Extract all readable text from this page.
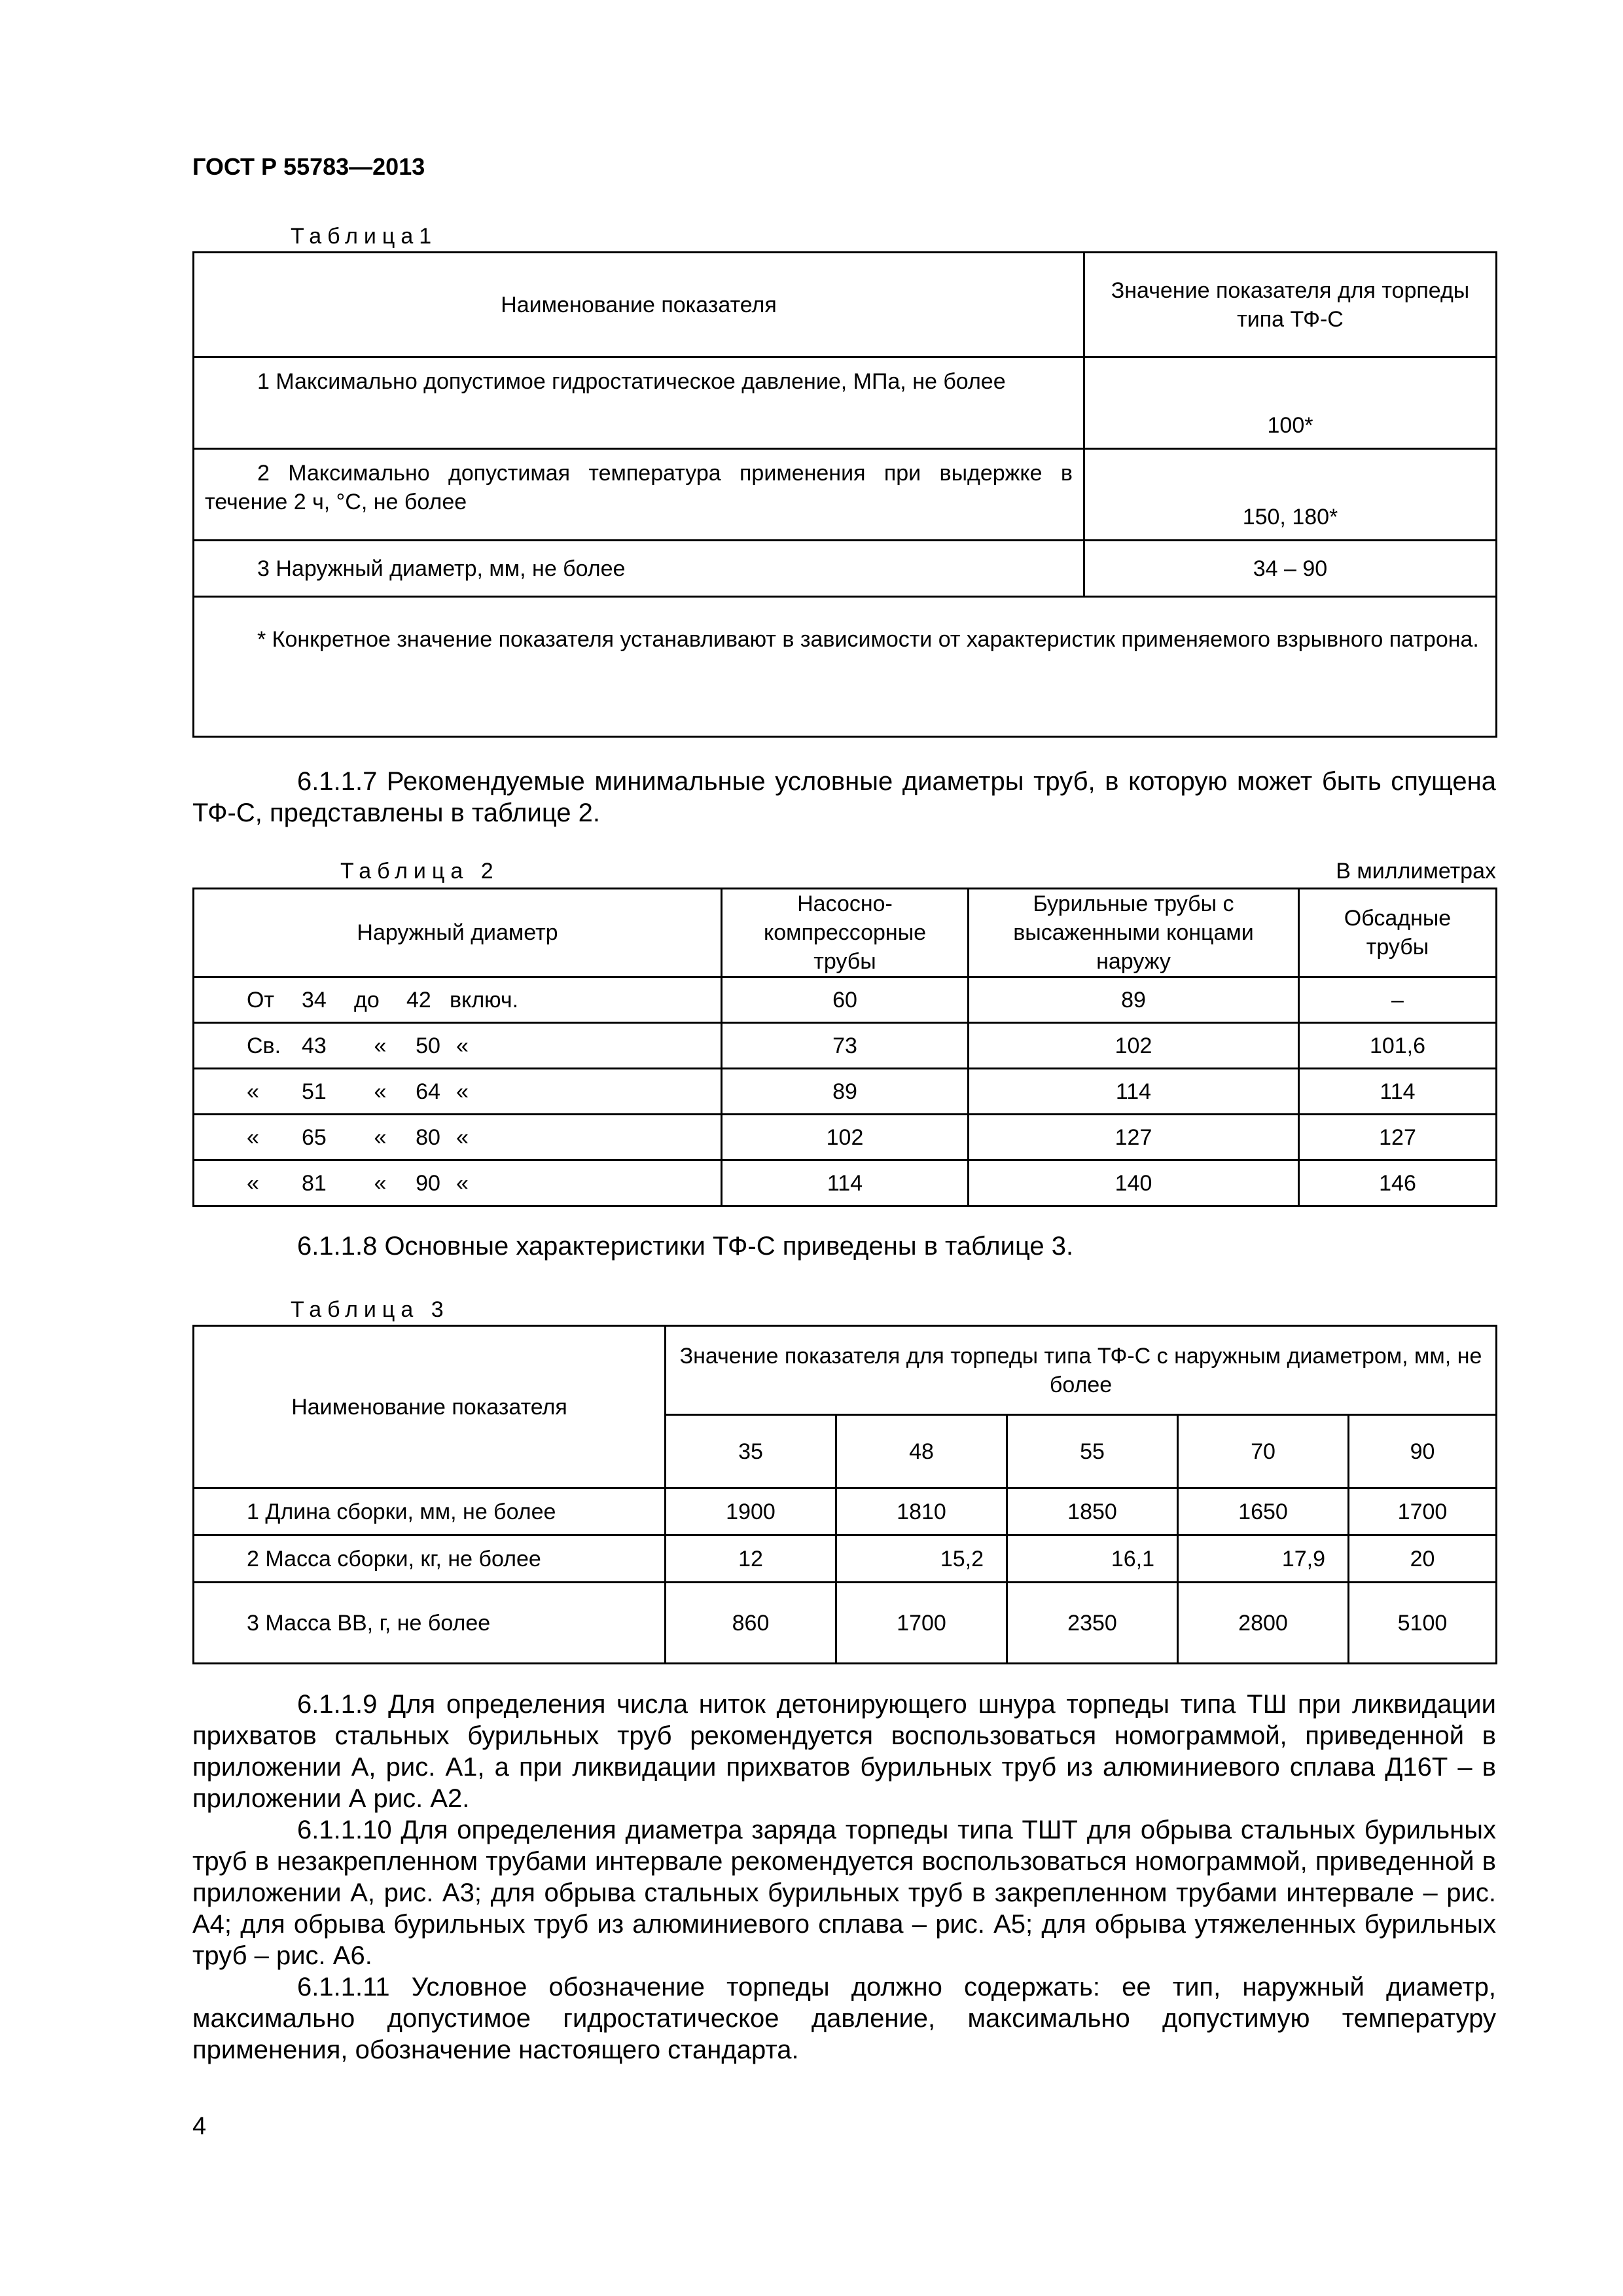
ГОСТ Р 55783—2013
Таблица1
Наименование показателя	Значение показателя для торпеды типа ТФ-С
1 Максимально допустимое гидростатическое давление, МПа, не более	100*
2 Максимально допустимая температура применения при выдержке в течение 2 ч, °С, не более	150, 180*
3 Наружный диаметр, мм, не более	34 – 90
* Конкретное значение показателя устанавливают в зависимости от характеристик применяемого взрывного патрона.	

6.1.1.7 Рекомендуемые минимальные условные диаметры труб, в которую может быть спущена ТФ-С, представлены в таблице 2.

Таблица 2	В миллиметрах
Наружный диаметр	Насосно-компрессорные трубы	Бурильные трубы с высаженными концами наружу	Обсадные трубы
От 34 до 42 включ.	60	89	–
Св. 43 « 50 «	73	102	101,6
« 51 « 64 «	89	114	114
« 65 « 80 «	102	127	127
« 81 « 90 «	114	140	146

6.1.1.8 Основные характеристики ТФ-С приведены в таблице 3.

Таблица 3
Наименование показателя	Значение показателя для торпеды типа ТФ-С с наружным диаметром, мм, не более				
	35	48	55	70	90
1 Длина сборки, мм, не более	1900	1810	1850	1650	1700
2 Масса сборки, кг, не более	12	15,2	16,1	17,9	20
3 Масса ВВ, г, не более	860	1700	2350	2800	5100

6.1.1.9 Для определения числа ниток детонирующего шнура торпеды типа ТШ при ликвидации прихватов стальных бурильных труб рекомендуется воспользоваться номограммой, приведенной в приложении А, рис. А1, а при ликвидации прихватов бурильных труб из алюминиевого сплава Д16Т – в приложении А рис. А2.

6.1.1.10 Для определения диаметра заряда торпеды типа ТШТ для обрыва стальных бурильных труб в незакрепленном трубами интервале рекомендуется воспользоваться номограммой, приведенной в приложении А, рис. А3; для обрыва стальных бурильных труб в закрепленном трубами интервале – рис. А4; для обрыва бурильных труб из алюминиевого сплава – рис. А5; для обрыва утяжеленных бурильных труб – рис. А6.

6.1.1.11 Условное обозначение торпеды должно содержать: ее тип, наружный диаметр, максимально допустимое гидростатическое давление, максимально допустимую температуру применения, обозначение настоящего стандарта.

4
